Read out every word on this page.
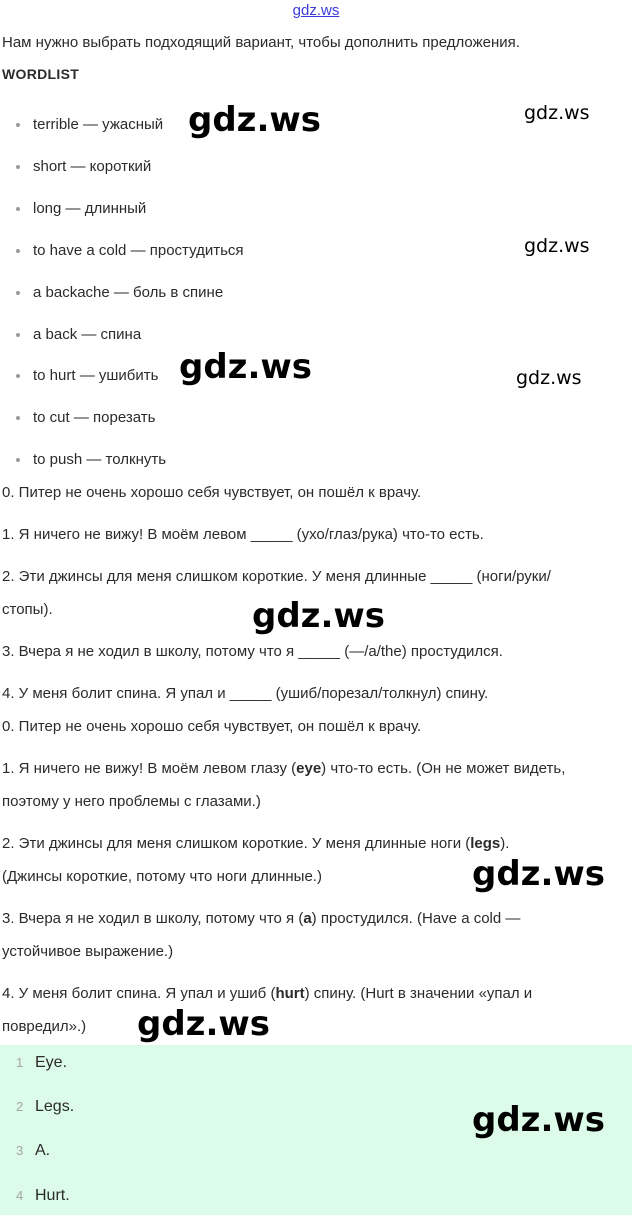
gdz.ws
Нам нужно выбрать подходящий вариант, чтобы дополнить предложения.
WORDLIST
terrible — ужасный
short — короткий
long — длинный
to have a cold — простудиться
a backache — боль в спине
a back — спина
to hurt — ушибить
to cut — порезать
to push — толкнуть
0. Питер не очень хорошо себя чувствует, он пошёл к врачу.
1. Я ничего не вижу! В моём левом _____ (ухо/глаз/рука) что-то есть.
2. Эти джинсы для меня слишком короткие. У меня длинные _____ (ноги/руки/
стопы).
3. Вчера я не ходил в школу, потому что я _____ (—/a/the) простудился.
4. У меня болит спина. Я упал и _____ (ушиб/порезал/толкнул) спину.
0. Питер не очень хорошо себя чувствует, он пошёл к врачу.
1. Я ничего не вижу! В моём левом глазу (eye) что-то есть. (Он не может видеть,
поэтому у него проблемы с глазами.)
2. Эти джинсы для меня слишком короткие. У меня длинные ноги (legs).
(Джинсы короткие, потому что ноги длинные.)
3. Вчера я не ходил в школу, потому что я (a) простудился. (Have a cold —
устойчивое выражение.)
4. У меня болит спина. Я упал и ушиб (hurt) спину. (Hurt в значении «упал и
повредил».)
1 Eye.
2 Legs.
3 A.
4 Hurt.
gdz.ws	gdz.ws
gdz.ws
gdz.ws	gdz.ws
gdz.ws
gdz.ws
gdz.ws
gdz.ws
